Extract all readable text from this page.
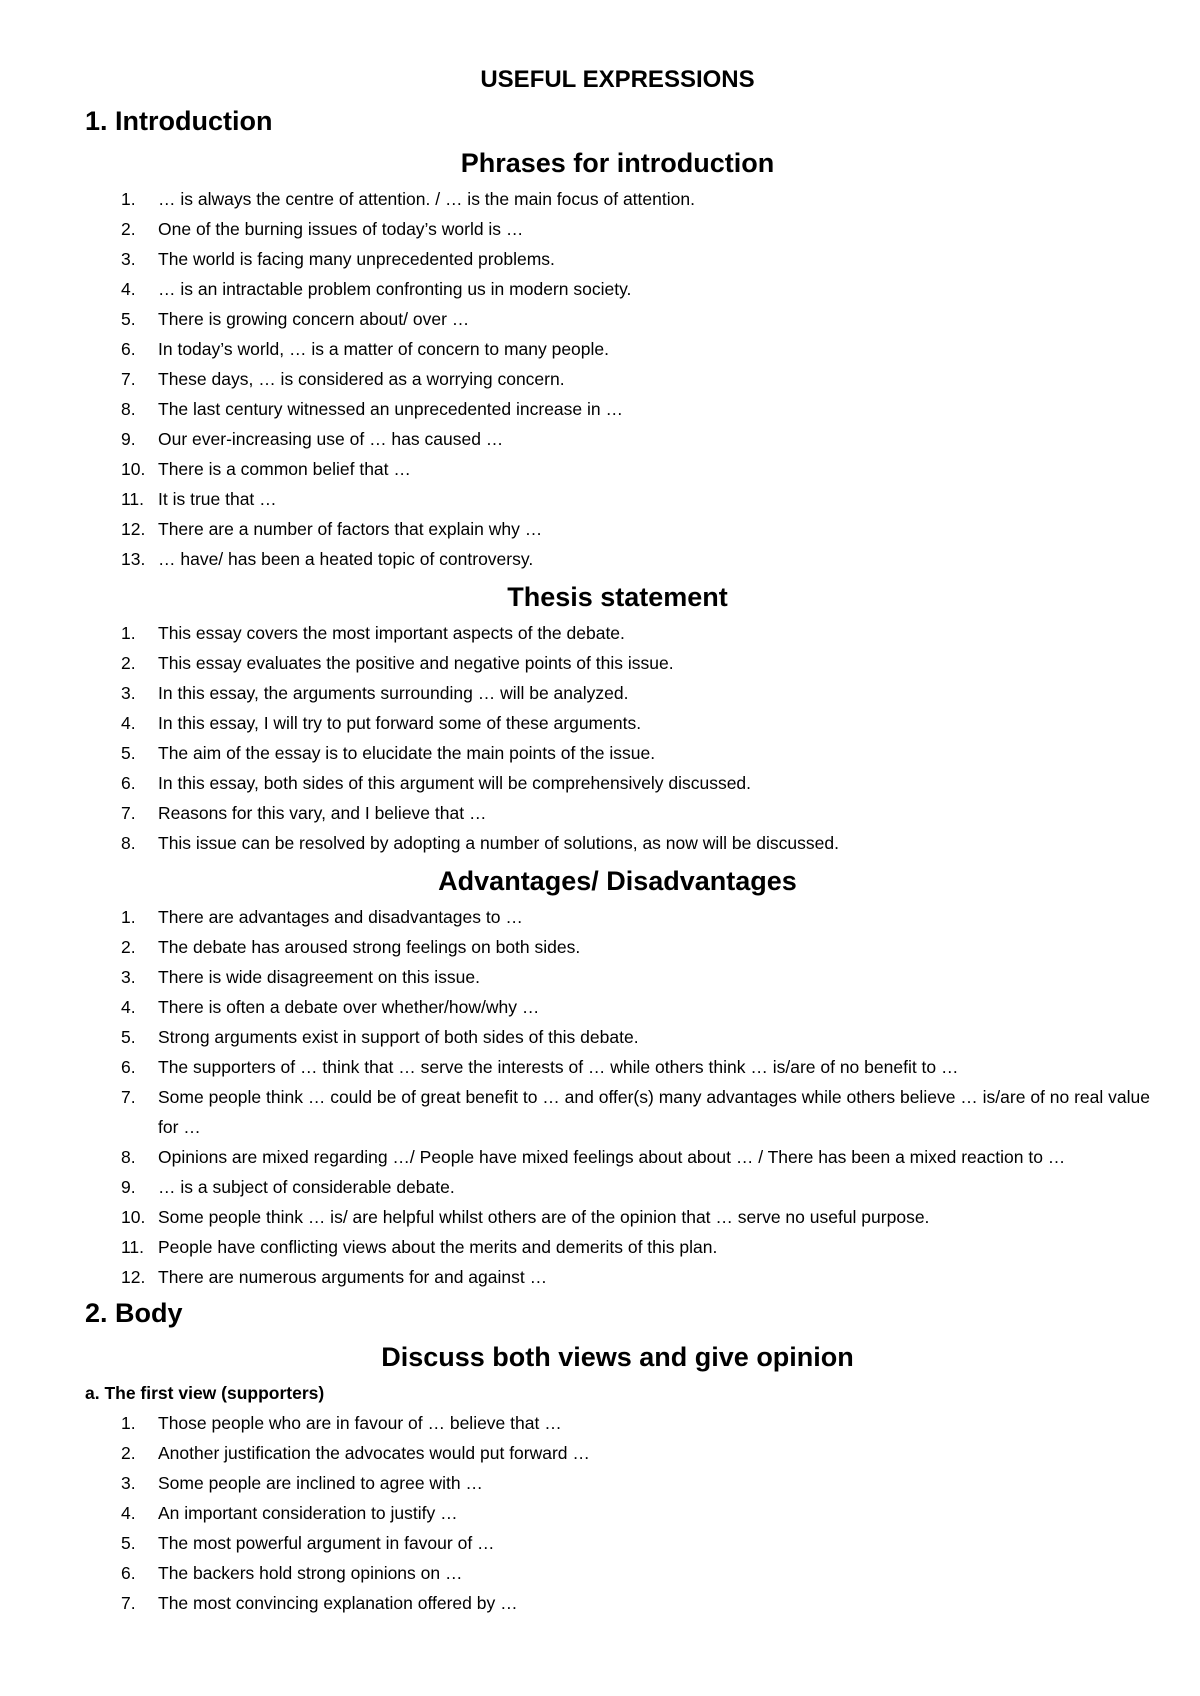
USEFUL EXPRESSIONS
1. Introduction
Phrases for introduction
1.	… is always the centre of attention. / … is the main focus of attention.
2.	One of the burning issues of today’s world is …
3.	The world is facing many unprecedented problems.
4.	… is an intractable problem confronting us in modern society.
5.	There is growing concern about/ over …
6.	In today’s world, … is a matter of concern to many people.
7.	These days, … is considered as a worrying concern.
8.	The last century witnessed an unprecedented increase in …
9.	Our ever-increasing use of … has caused …
10. There is a common belief that …
11. It is true that …
12. There are a number of factors that explain why …
13. … have/ has been a heated topic of controversy.
Thesis statement
1.	This essay covers the most important aspects of the debate.
2.	This essay evaluates the positive and negative points of this issue.
3.	In this essay, the arguments surrounding … will be analyzed.
4.	In this essay, I will try to put forward some of these arguments.
5.	The aim of the essay is to elucidate the main points of the issue.
6.	In this essay, both sides of this argument will be comprehensively discussed.
7.	Reasons for this vary, and I believe that …
8.	This issue can be resolved by adopting a number of solutions, as now will be discussed.
Advantages/ Disadvantages
1.	There are advantages and disadvantages to …
2.	The debate has aroused strong feelings on both sides.
3.	There is wide disagreement on this issue.
4.	There is often a debate over whether/how/why …
5.	Strong arguments exist in support of both sides of this debate.
6.	The supporters of … think that … serve the interests of … while others think … is/are of no benefit to …
7.	Some people think … could be of great benefit to … and offer(s) many advantages while others believe … is/are of no real value for …
8.	Opinions are mixed regarding …/ People have mixed feelings about about … / There has been a mixed reaction to …
9.	… is a subject of considerable debate.
10. Some people think … is/ are helpful whilst others are of the opinion that … serve no useful purpose.
11. People have conflicting views about the merits and demerits of this plan.
12. There are numerous arguments for and against …
2. Body
Discuss both views and give opinion
a. The first view (supporters)
1.	Those people who are in favour of … believe that …
2.	Another justification the advocates would put forward …
3.	Some people are inclined to agree with …
4.	An important consideration to justify …
5.	The most powerful argument in favour of …
6.	The backers hold strong opinions on …
7.	The most convincing explanation offered by …
